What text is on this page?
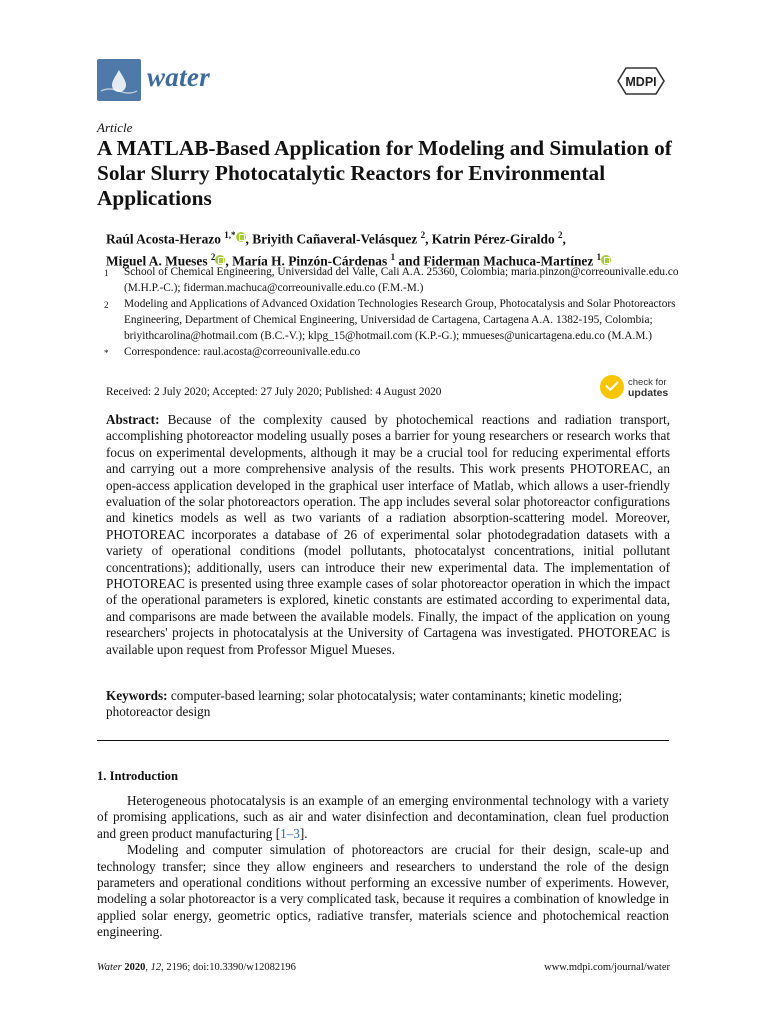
water	MDPI
Article
A MATLAB-Based Application for Modeling and Simulation of Solar Slurry Photocatalytic Reactors for Environmental Applications
Raúl Acosta-Herazo $^{1,*}$ , Briyith Cañaveral-Velásquez $^2$, Katrin Pérez-Giraldo $^2$,
Miguel A. Mueses $^2$ , María H. Pinzón-Cárdenas $^1$ and Fiderman Machuca-Martínez $^1$
1	School of Chemical Engineering, Universidad del Valle, Cali A.A. 25360, Colombia; maria.pinzon@correounivalle.edu.co (M.H.P.-C.); fiderman.machuca@correounivalle.edu.co (F.M.-M.)
2	Modeling and Applications of Advanced Oxidation Technologies Research Group, Photocatalysis and Solar Photoreactors Engineering, Department of Chemical Engineering, Universidad de Cartagena, Cartagena A.A. 1382-195, Colombia; briyithcarolina@hotmail.com (B.C.-V.); klpg_15@hotmail.com (K.P.-G.); mmueses@unicartagena.edu.co (M.A.M.)
*	Correspondence: raul.acosta@correounivalle.edu.co
Received: 2 July 2020; Accepted: 27 July 2020; Published: 4 August 2020
check for
updates
Abstract: Because of the complexity caused by photochemical reactions and radiation transport, accomplishing photoreactor modeling usually poses a barrier for young researchers or research works that focus on experimental developments, although it may be a crucial tool for reducing experimental efforts and carrying out a more comprehensive analysis of the results. This work presents PHOTOREAC, an open-access application developed in the graphical user interface of Matlab, which allows a user-friendly evaluation of the solar photoreactors operation. The app includes several solar photoreactor configurations and kinetics models as well as two variants of a radiation absorption-scattering model. Moreover, PHOTOREAC incorporates a database of 26 of experimental solar photodegradation datasets with a variety of operational conditions (model pollutants, photocatalyst concentrations, initial pollutant concentrations); additionally, users can introduce their new experimental data. The implementation of PHOTOREAC is presented using three example cases of solar photoreactor operation in which the impact of the operational parameters is explored, kinetic constants are estimated according to experimental data, and comparisons are made between the available models. Finally, the impact of the application on young researchers' projects in photocatalysis at the University of Cartagena was investigated. PHOTOREAC is available upon request from Professor Miguel Mueses.
Keywords: computer-based learning; solar photocatalysis; water contaminants; kinetic modeling; photoreactor design
1. Introduction

Heterogeneous photocatalysis is an example of an emerging environmental technology with a variety of promising applications, such as air and water disinfection and decontamination, clean fuel production and green product manufacturing [1–3].

Modeling and computer simulation of photoreactors are crucial for their design, scale-up and technology transfer; since they allow engineers and researchers to understand the role of the design parameters and operational conditions without performing an excessive number of experiments. However, modeling a solar photoreactor is a very complicated task, because it requires a combination of knowledge in applied solar energy, geometric optics, radiative transfer, materials science and photochemical reaction engineering.

Water 2020, 12, 2196; doi:10.3390/w12082196	www.mdpi.com/journal/water
